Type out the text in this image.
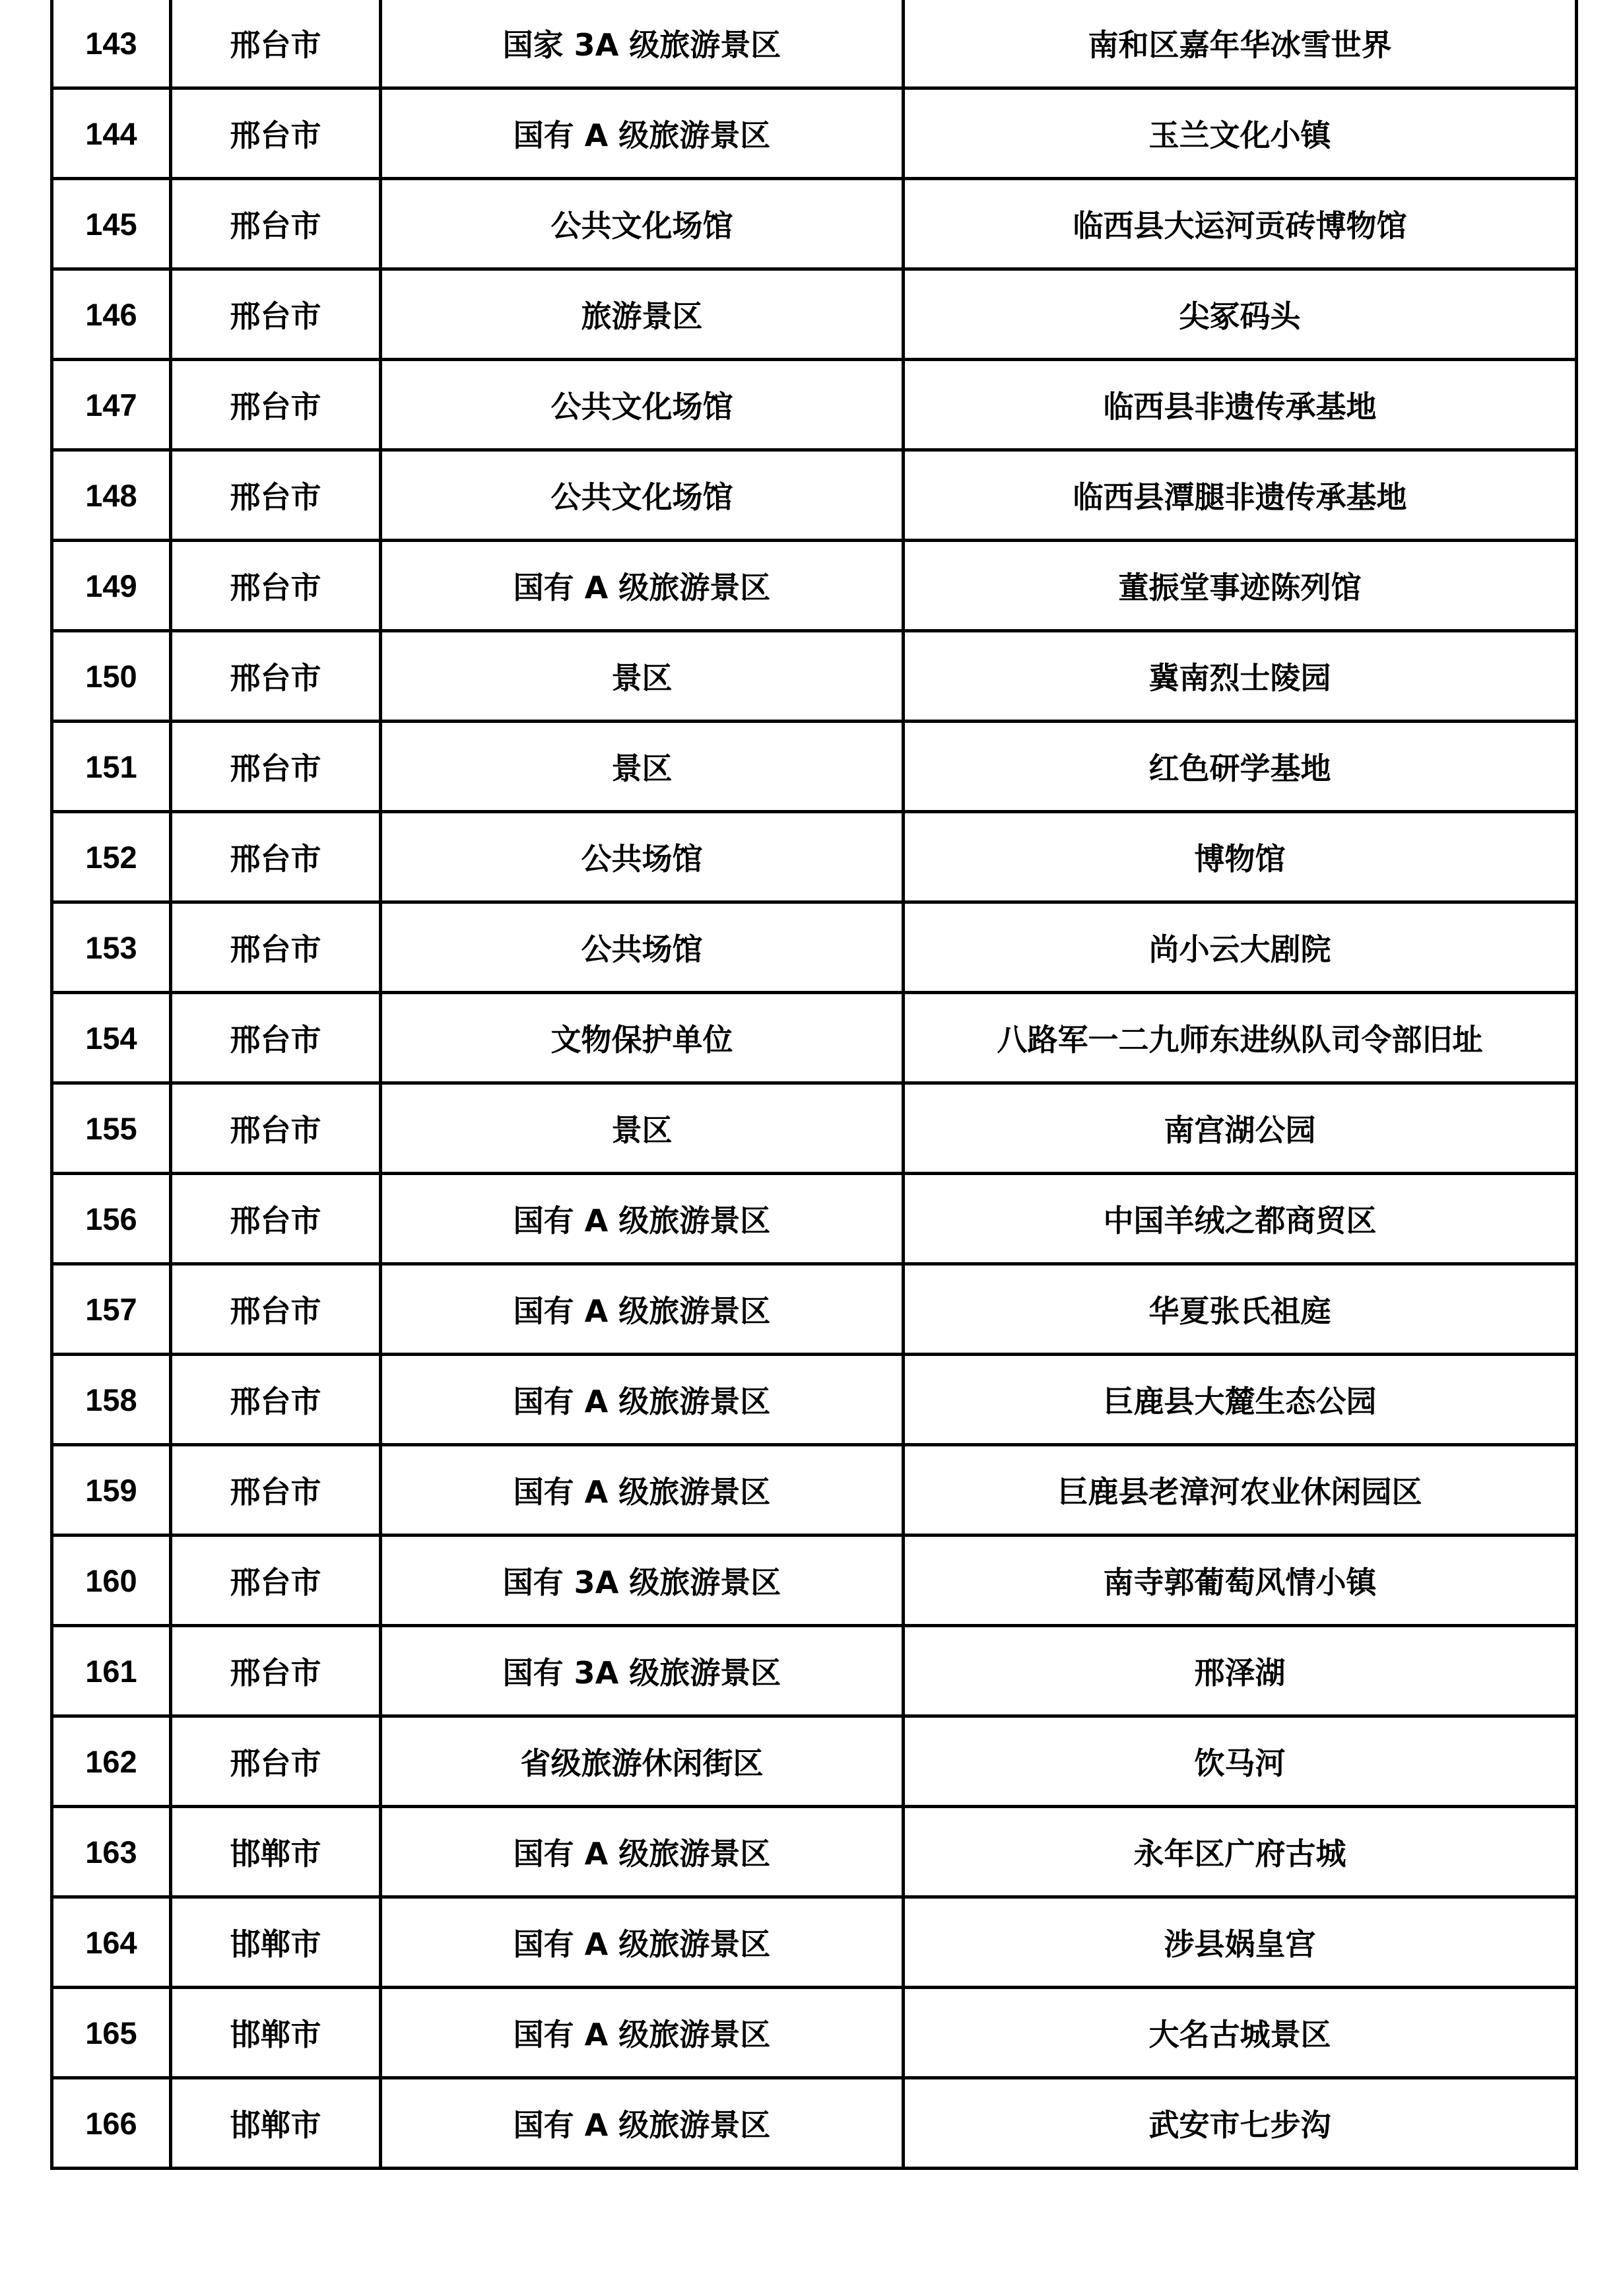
143	邢台市	国家 3A 级旅游景区	南和区嘉年华冰雪世界
144	邢台市	国有 A 级旅游景区	玉兰文化小镇
145	邢台市	公共文化场馆	临西县大运河贡砖博物馆
146	邢台市	旅游景区	尖冢码头
147	邢台市	公共文化场馆	临西县非遗传承基地
148	邢台市	公共文化场馆	临西县潭腿非遗传承基地
149	邢台市	国有 A 级旅游景区	董振堂事迹陈列馆
150	邢台市	景区	冀南烈士陵园
151	邢台市	景区	红色研学基地
152	邢台市	公共场馆	博物馆
153	邢台市	公共场馆	尚小云大剧院
154	邢台市	文物保护单位	八路军一二九师东进纵队司令部旧址
155	邢台市	景区	南宫湖公园
156	邢台市	国有 A 级旅游景区	中国羊绒之都商贸区
157	邢台市	国有 A 级旅游景区	华夏张氏祖庭
158	邢台市	国有 A 级旅游景区	巨鹿县大麓生态公园
159	邢台市	国有 A 级旅游景区	巨鹿县老漳河农业休闲园区
160	邢台市	国有 3A 级旅游景区	南寺郭葡萄风情小镇
161	邢台市	国有 3A 级旅游景区	邢泽湖
162	邢台市	省级旅游休闲街区	饮马河
163	邯郸市	国有 A 级旅游景区	永年区广府古城
164	邯郸市	国有 A 级旅游景区	涉县娲皇宫
165	邯郸市	国有 A 级旅游景区	大名古城景区
166	邯郸市	国有 A 级旅游景区	武安市七步沟
